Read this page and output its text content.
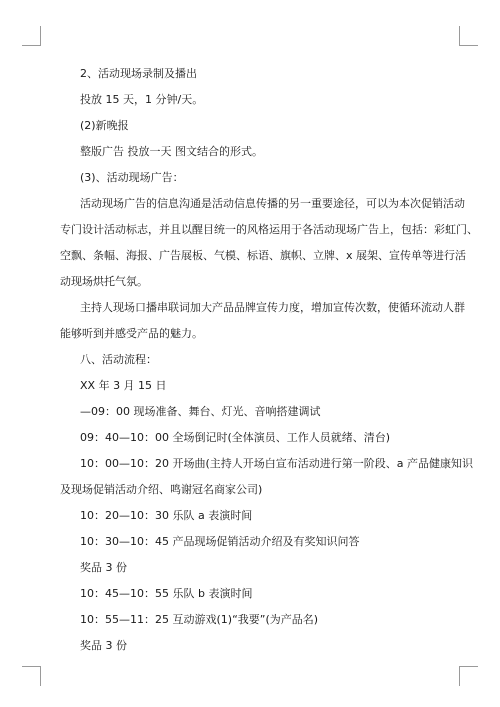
2、活动现场录制及播出

投放 15 天，1 分钟/天。

(2)新晚报

整版广告 投放一天 图文结合的形式。

(3)、活动现场广告：

活动现场广告的信息沟通是活动信息传播的另一重要途径，可以为本次促销活动

专门设计活动标志，并且以醒目统一的风格运用于各活动现场广告上，包括：彩虹门、

空飘、条幅、海报、广告展板、气模、标语、旗帜、立牌、x 展架、宣传单等进行活

动现场烘托气氛。

主持人现场口播串联词加大产品品牌宣传力度，增加宣传次数，使循环流动人群

能够听到并感受产品的魅力。

八、活动流程：

XX 年 3 月 15 日

—09：00 现场准备、舞台、灯光、音响搭建调试

09：40—10：00 全场倒记时(全体演员、工作人员就绪、清台)

10：00—10：20 开场曲(主持人开场白宣布活动进行第一阶段、a 产品健康知识

及现场促销活动介绍、鸣谢冠名商家公司)

10：20—10：30 乐队 a 表演时间

10：30—10：45 产品现场促销活动介绍及有奖知识问答

奖品 3 份

10：45—10：55 乐队 b 表演时间

10：55—11：25 互动游戏(1)“我要”(为产品名)

奖品 3 份
